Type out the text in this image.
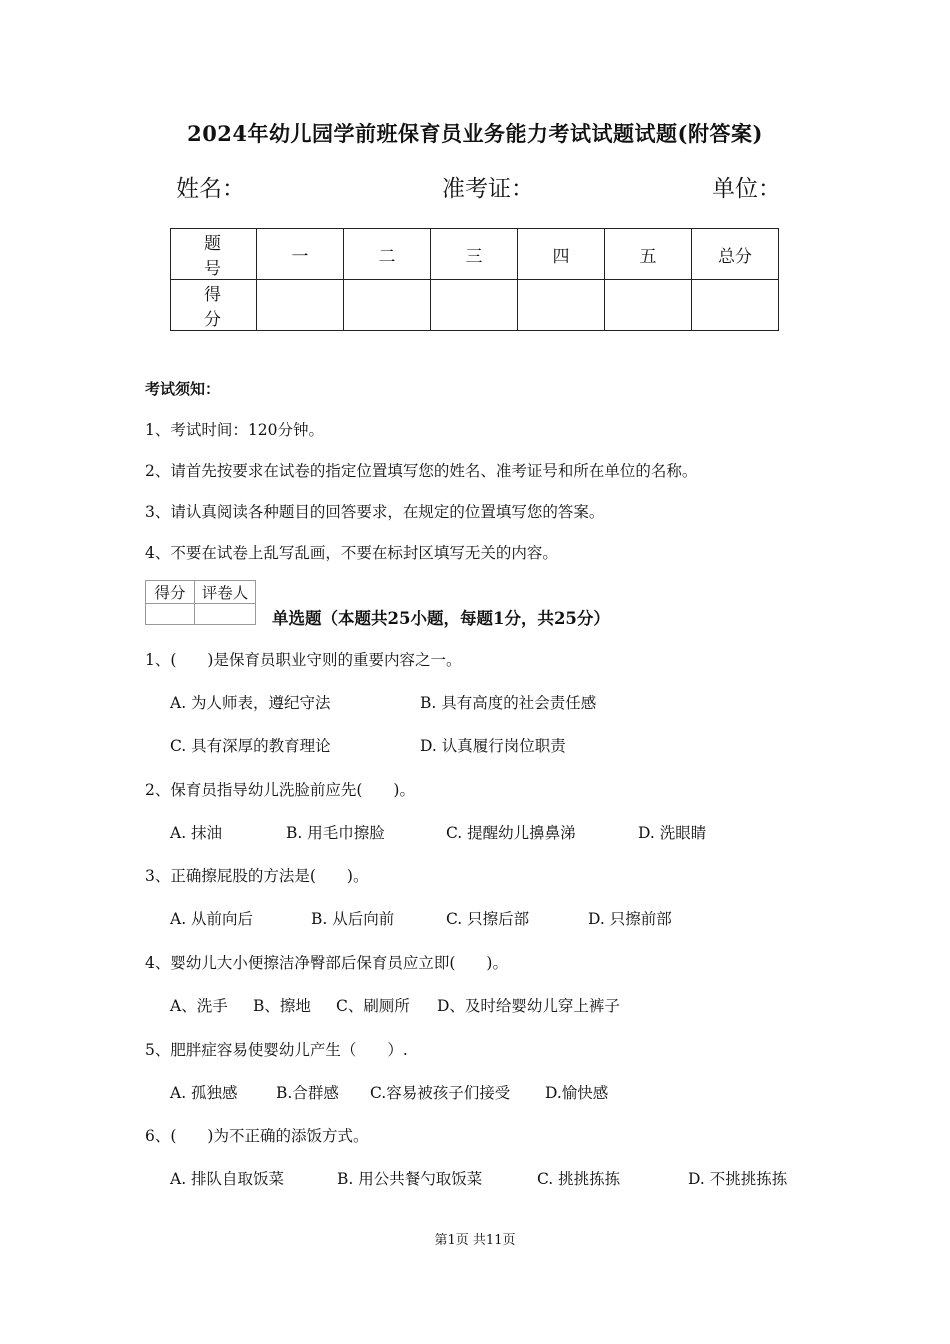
2024年幼儿园学前班保育员业务能力考试试题试题(附答案)
姓名：	准考证：	单位：
题 号	一	二	三	四	五	总分
得 分						
考试须知：
1、考试时间：120分钟。
2、请首先按要求在试卷的指定位置填写您的姓名、准考证号和所在单位的名称。
3、请认真阅读各种题目的回答要求，在规定的位置填写您的答案。
4、不要在试卷上乱写乱画，不要在标封区填写无关的内容。
得分	评卷人

单选题（本题共25小题，每题1分，共25分）
1、(　　)是保育员职业守则的重要内容之一。
A. 为人师表，遵纪守法	B. 具有高度的社会责任感
C. 具有深厚的教育理论	D. 认真履行岗位职责
2、保育员指导幼儿洗脸前应先(　　)。
A. 抹油	B. 用毛巾擦脸	C. 提醒幼儿擤鼻涕	D. 洗眼睛
3、正确擦屁股的方法是(　　)。
A. 从前向后	B. 从后向前	C. 只擦后部	D. 只擦前部
4、婴幼儿大小便擦洁净臀部后保育员应立即(　　)。
A、洗手 B、擦地 C、刷厕所 D、及时给婴幼儿穿上裤子
5、肥胖症容易使婴幼儿产生（　　）.
A. 孤独感 B.合群感 C.容易被孩子们接受 D.愉快感
6、(　　)为不正确的添饭方式。
A. 排队自取饭菜	B. 用公共餐勺取饭菜	C. 挑挑拣拣	D. 不挑挑拣拣
第1页 共11页
